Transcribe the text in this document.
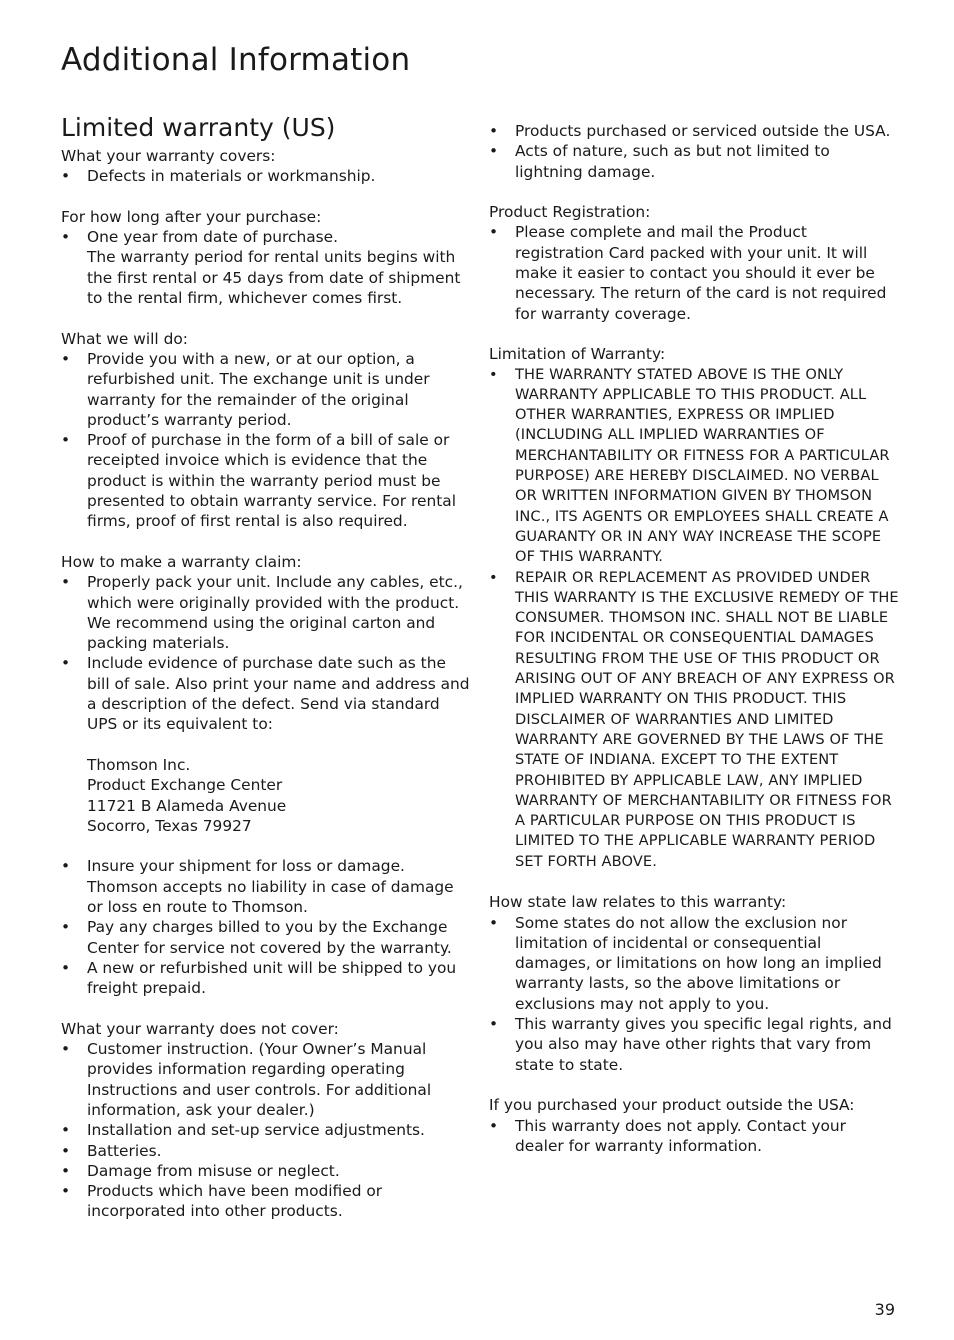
Additional Information
Limited warranty (US)

What your warranty covers:

• Defects in materials or workmanship.

For how long after your purchase:

• One year from date of purchase.
The warranty period for rental units begins with the first rental or 45 days from date of shipment to the rental firm, whichever comes first.

What we will do:

• Provide you with a new, or at our option, a refurbished unit. The exchange unit is under warranty for the remainder of the original product’s warranty period.
• Proof of purchase in the form of a bill of sale or receipted invoice which is evidence that the product is within the warranty period must be presented to obtain warranty service. For rental firms, proof of first rental is also required.

How to make a warranty claim:

• Properly pack your unit. Include any cables, etc., which were originally provided with the product. We recommend using the original carton and packing materials.
• Include evidence of purchase date such as the bill of sale. Also print your name and address and a description of the defect. Send via standard UPS or its equivalent to:
Thomson Inc.
Product Exchange Center
11721 B Alameda Avenue
Socorro, Texas 79927
• Insure your shipment for loss or damage. Thomson accepts no liability in case of damage or loss en route to Thomson.
• Pay any charges billed to you by the Exchange Center for service not covered by the warranty.
• A new or refurbished unit will be shipped to you freight prepaid.

What your warranty does not cover:

• Customer instruction. (Your Owner’s Manual provides information regarding operating Instructions and user controls. For additional information, ask your dealer.)
• Installation and set-up service adjustments.
• Batteries.
• Damage from misuse or neglect.
• Products which have been modified or incorporated into other products.
• Products purchased or serviced outside the USA.
• Acts of nature, such as but not limited to lightning damage.

Product Registration:

• Please complete and mail the Product registration Card packed with your unit. It will make it easier to contact you should it ever be necessary. The return of the card is not required for warranty coverage.

Limitation of Warranty:

• THE WARRANTY STATED ABOVE IS THE ONLY WARRANTY APPLICABLE TO THIS PRODUCT. ALL OTHER WARRANTIES, EXPRESS OR IMPLIED (INCLUDING ALL IMPLIED WARRANTIES OF MERCHANTABILITY OR FITNESS FOR A PARTICULAR PURPOSE) ARE HEREBY DISCLAIMED. NO VERBAL OR WRITTEN INFORMATION GIVEN BY THOMSON INC., ITS AGENTS OR EMPLOYEES SHALL CREATE A GUARANTY OR IN ANY WAY INCREASE THE SCOPE OF THIS WARRANTY.
• REPAIR OR REPLACEMENT AS PROVIDED UNDER THIS WARRANTY IS THE EXCLUSIVE REMEDY OF THE CONSUMER. THOMSON INC. SHALL NOT BE LIABLE FOR INCIDENTAL OR CONSEQUENTIAL DAMAGES RESULTING FROM THE USE OF THIS PRODUCT OR ARISING OUT OF ANY BREACH OF ANY EXPRESS OR IMPLIED WARRANTY ON THIS PRODUCT. THIS DISCLAIMER OF WARRANTIES AND LIMITED WARRANTY ARE GOVERNED BY THE LAWS OF THE STATE OF INDIANA. EXCEPT TO THE EXTENT PROHIBITED BY APPLICABLE LAW, ANY IMPLIED WARRANTY OF MERCHANTABILITY OR FITNESS FOR A PARTICULAR PURPOSE ON THIS PRODUCT IS LIMITED TO THE APPLICABLE WARRANTY PERIOD SET FORTH ABOVE.

How state law relates to this warranty:

• Some states do not allow the exclusion nor limitation of incidental or consequential damages, or limitations on how long an implied warranty lasts, so the above limitations or exclusions may not apply to you.
• This warranty gives you specific legal rights, and you also may have other rights that vary from state to state.

If you purchased your product outside the USA:

• This warranty does not apply. Contact your dealer for warranty information.
39
